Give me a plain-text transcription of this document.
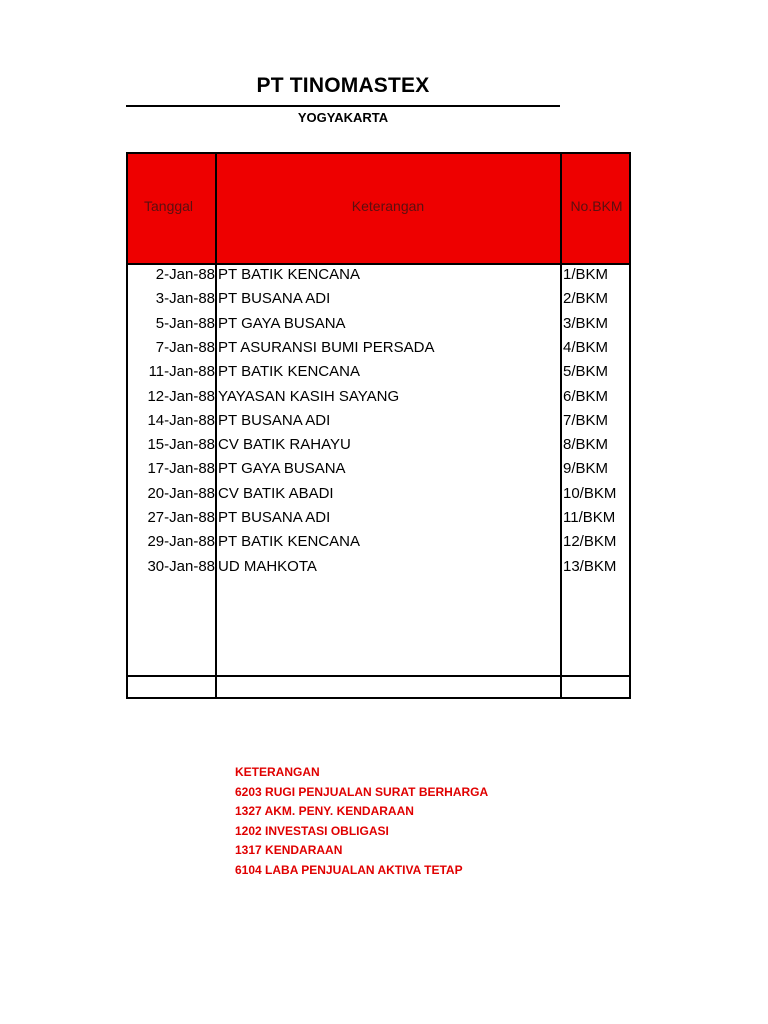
PT TINOMASTEX
YOGYAKARTA
Tanggal	Keterangan	No.BKM
2-Jan-88 PT BATIK KENCANA	1/BKM
3-Jan-88 PT BUSANA ADI	2/BKM
5-Jan-88 PT GAYA BUSANA	3/BKM
7-Jan-88 PT ASURANSI BUMI PERSADA	4/BKM
11-Jan-88 PT BATIK KENCANA	5/BKM
12-Jan-88 YAYASAN KASIH SAYANG	6/BKM
14-Jan-88 PT BUSANA ADI	7/BKM
15-Jan-88 CV BATIK RAHAYU	8/BKM
17-Jan-88 PT GAYA BUSANA	9/BKM
20-Jan-88 CV BATIK ABADI	10/BKM
27-Jan-88 PT BUSANA ADI	11/BKM
29-Jan-88 PT BATIK KENCANA	12/BKM
30-Jan-88 UD MAHKOTA	13/BKM
KETERANGAN
6203 RUGI PENJUALAN SURAT BERHARGA
1327 AKM. PENY. KENDARAAN
1202 INVESTASI OBLIGASI
1317 KENDARAAN
6104 LABA PENJUALAN AKTIVA TETAP
